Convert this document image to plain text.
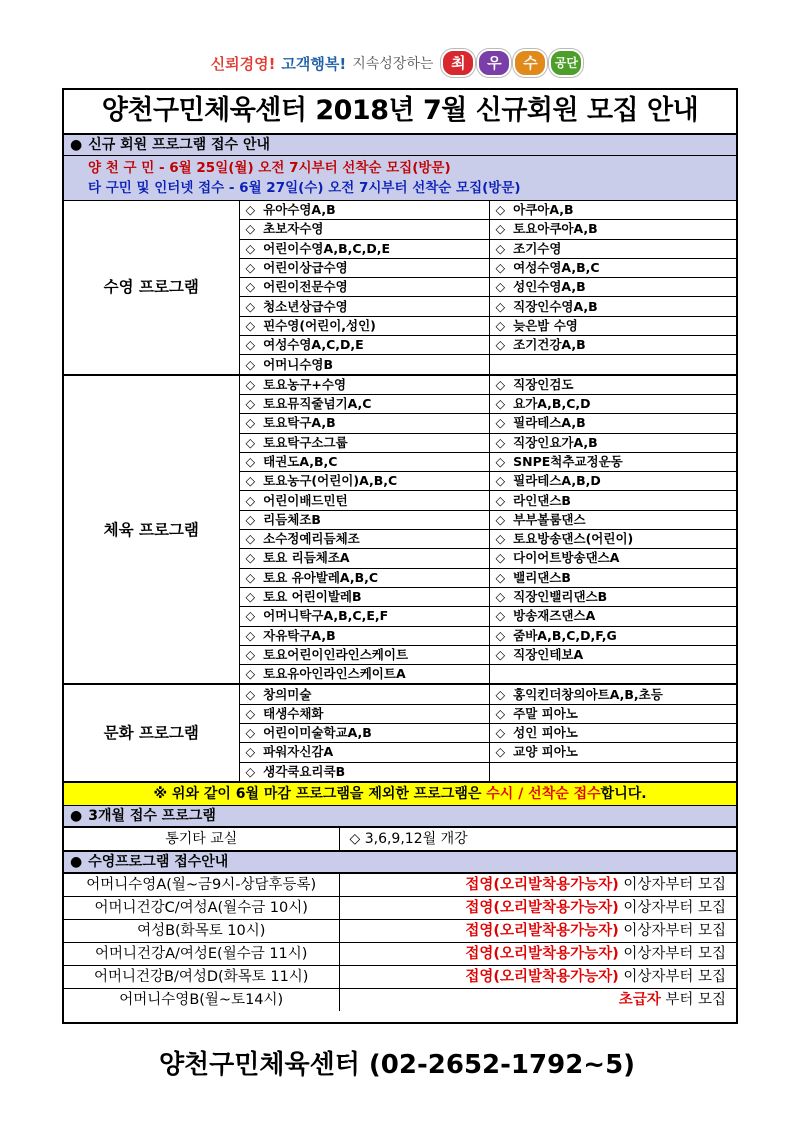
신뢰경영! 고객행복! 지속성장하는	최	우	수	공단
양천구민체육센터 2018년 7월 신규회원 모집 안내
● 신규 회원 프로그램 접수 안내
양 천 구 민 - 6월 25일(월) 오전 7시부터 선착순 모집(방문)
타 구민 및 인터넷 접수 - 6월 27일(수) 오전 7시부터 선착순 모집(방문)
수영 프로그램	◇ 유아수영A,B	◇ 아쿠아A,B
	◇ 초보자수영	◇ 토요아쿠아A,B
	◇ 어린이수영A,B,C,D,E	◇ 조기수영
	◇ 어린이상급수영	◇ 여성수영A,B,C
	◇ 어린이전문수영	◇ 성인수영A,B
	◇ 청소년상급수영	◇ 직장인수영A,B
	◇ 핀수영(어린이,성인)	◇ 늦은밤 수영
	◇ 여성수영A,C,D,E	◇ 조기건강A,B
	◇ 어머니수영B	
체육 프로그램	◇ 토요농구+수영	◇ 직장인검도
	◇ 토요뮤직줄넘기A,C	◇ 요가A,B,C,D
	◇ 토요탁구A,B	◇ 필라테스A,B
	◇ 토요탁구소그룹	◇ 직장인요가A,B
	◇ 태권도A,B,C	◇ SNPE척추교정운동
	◇ 토요농구(어린이)A,B,C	◇ 필라테스A,B,D
	◇ 어린이배드민턴	◇ 라인댄스B
	◇ 리듬체조B	◇ 부부볼룸댄스
	◇ 소수정예리듬체조	◇ 토요방송댄스(어린이)
	◇ 토요 리듬체조A	◇ 다이어트방송댄스A
	◇ 토요 유아발레A,B,C	◇ 밸리댄스B
	◇ 토요 어린이발레B	◇ 직장인밸리댄스B
	◇ 어머니탁구A,B,C,E,F	◇ 방송재즈댄스A
	◇ 자유탁구A,B	◇ 줌바A,B,C,D,F,G
	◇ 토요어린이인라인스케이트	◇ 직장인테보A
	◇ 토요유아인라인스케이트A	
문화 프로그램	◇ 창의미술	◇ 홍익킨더창의아트A,B,초등
	◇ 태생수채화	◇ 주말 피아노
	◇ 어린이미술학교A,B	◇ 성인 피아노
	◇ 파워자신감A	◇ 교양 피아노
	◇ 생각쿡요리쿡B	
※ 위와 같이 6월 마감 프로그램을 제외한 프로그램은 수시 / 선착순 접수합니다.
● 3개월 접수 프로그램
통기타 교실	◇ 3,6,9,12월 개강
● 수영프로그램 접수안내
어머니수영A(월~금9시-상담후등록)	접영(오리발착용가능자) 이상자부터 모집
어머니건강C/여성A(월수금 10시)	접영(오리발착용가능자) 이상자부터 모집
여성B(화목토 10시)	접영(오리발착용가능자) 이상자부터 모집
어머니건강A/여성E(월수금 11시)	접영(오리발착용가능자) 이상자부터 모집
어머니건강B/여성D(화목토 11시)	접영(오리발착용가능자) 이상자부터 모집
어머니수영B(월~토14시)	초급자 부터 모집
양천구민체육센터 (02-2652-1792~5)
